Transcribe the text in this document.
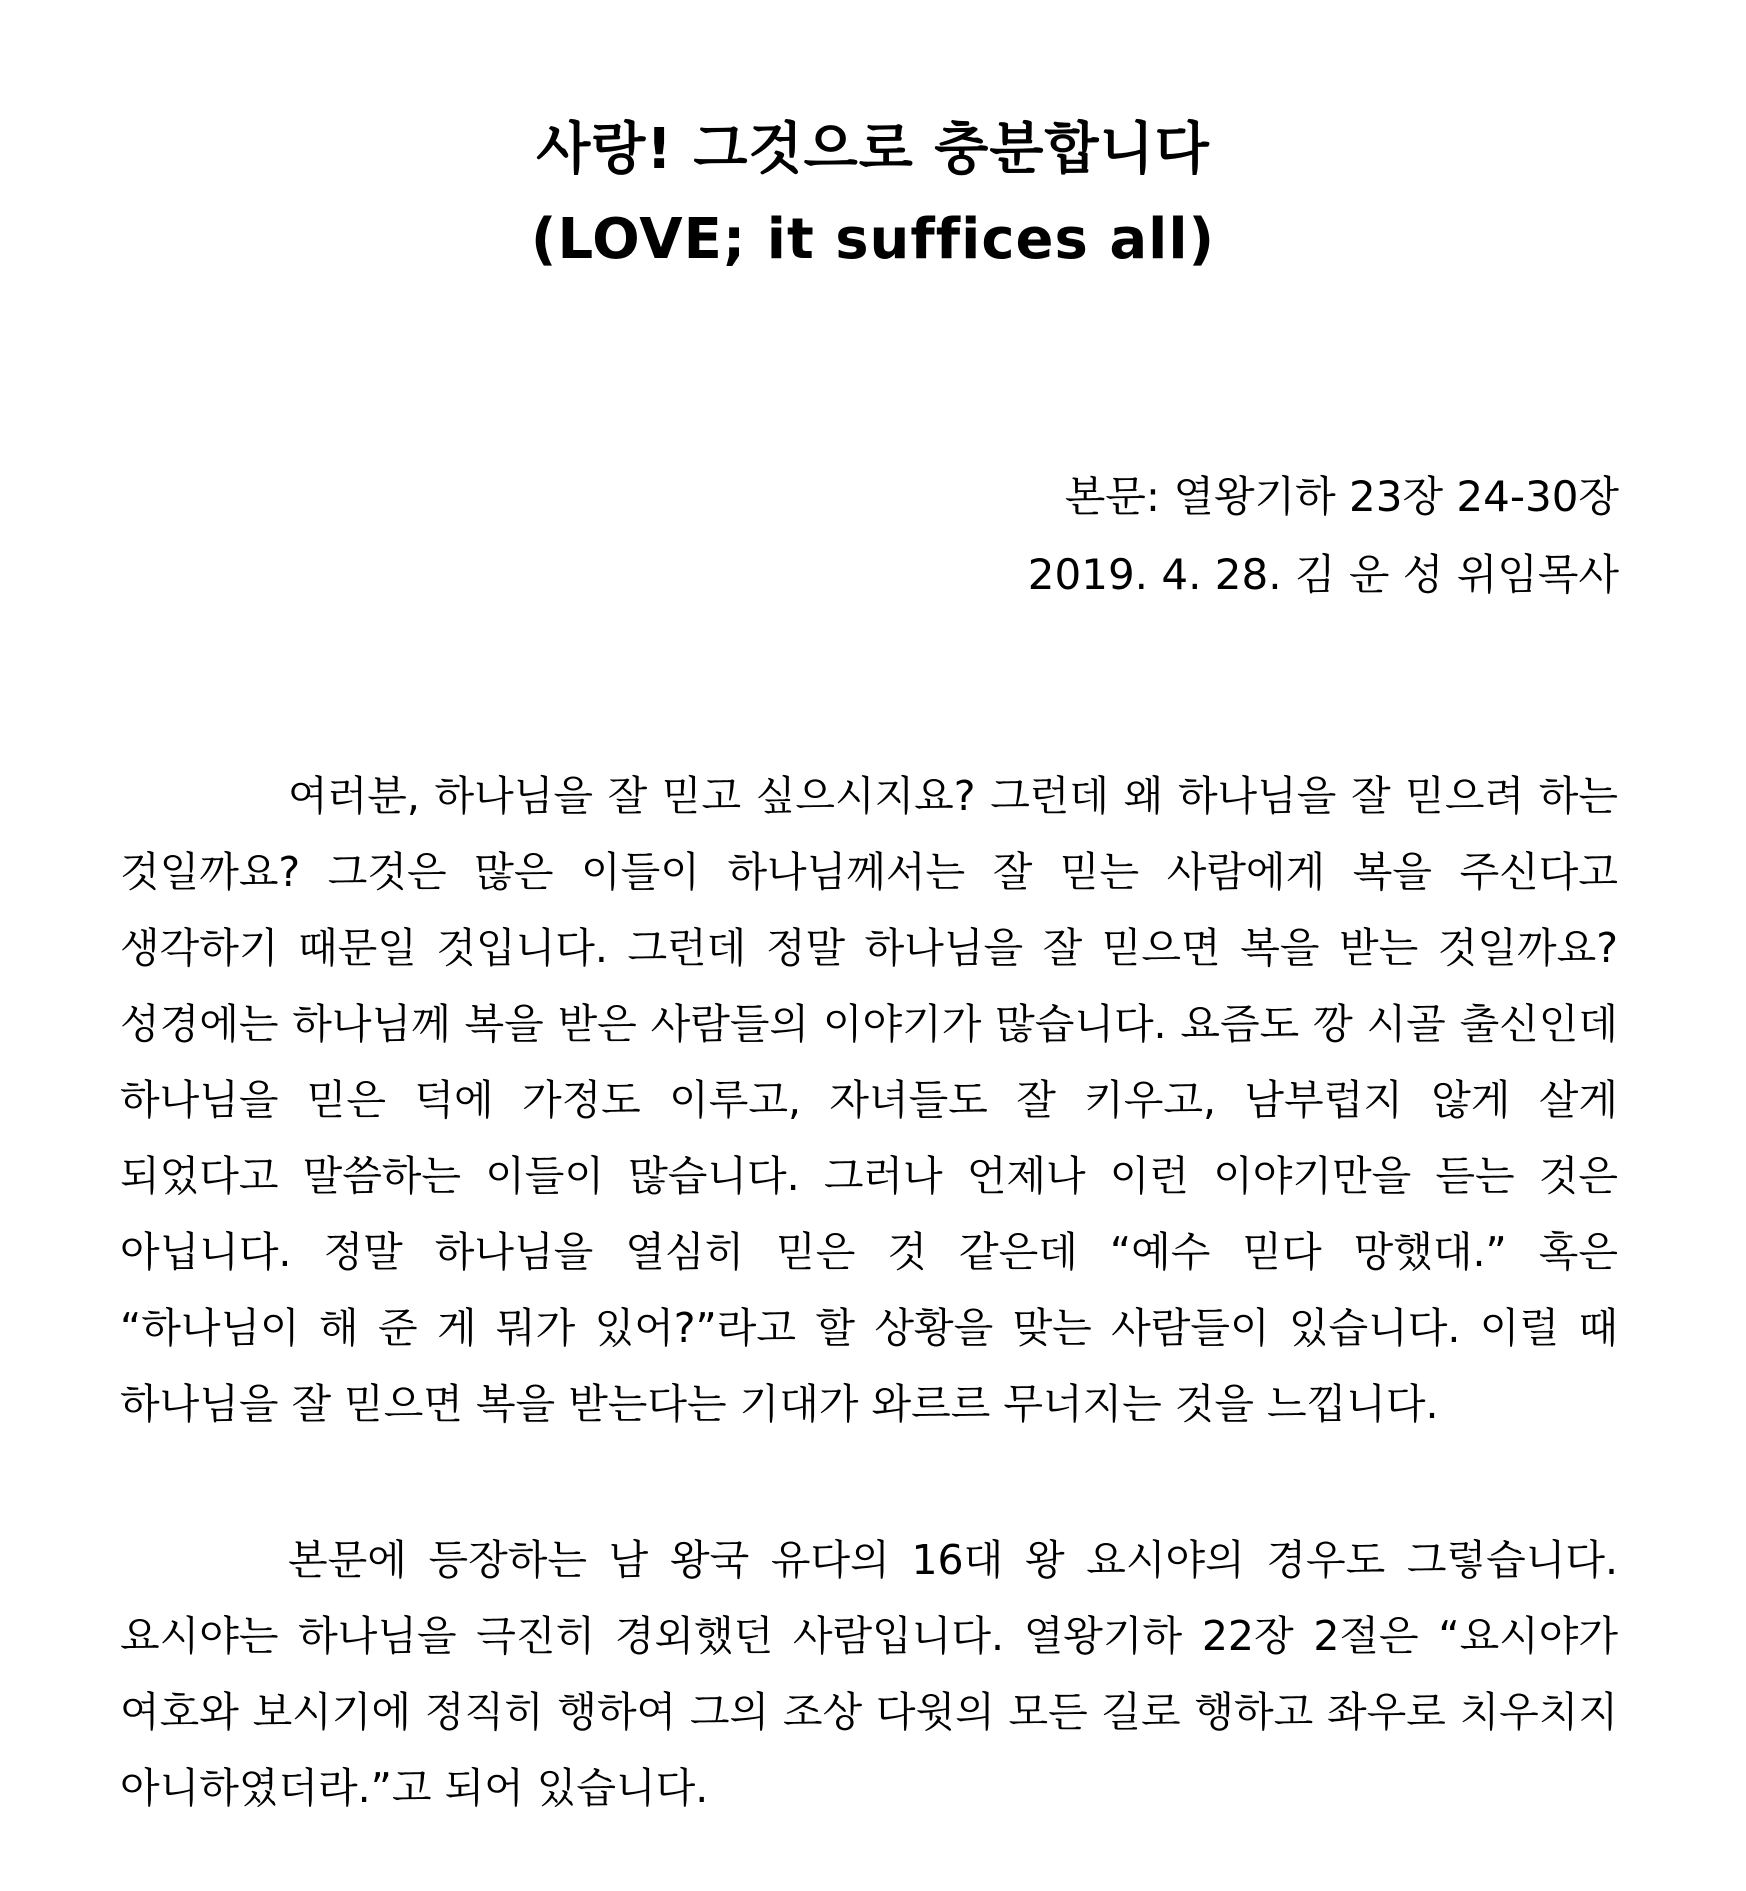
사랑! 그것으로 충분합니다
(LOVE; it suffices all)
본문: 열왕기하 23장 24-30장
2019. 4. 28. 김 운 성 위임목사

여러분, 하나님을 잘 믿고 싶으시지요? 그런데 왜 하나님을 잘 믿으려 하는 것일까요? 그것은 많은 이들이 하나님께서는 잘 믿는 사람에게 복을 주신다고 생각하기 때문일 것입니다. 그런데 정말 하나님을 잘 믿으면 복을 받는 것일까요? 성경에는 하나님께 복을 받은 사람들의 이야기가 많습니다. 요즘도 깡 시골 출신인데 하나님을 믿은 덕에 가정도 이루고, 자녀들도 잘 키우고, 남부럽지 않게 살게 되었다고 말씀하는 이들이 많습니다. 그러나 언제나 이런 이야기만을 듣는 것은 아닙니다. 정말 하나님을 열심히 믿은 것 같은데 “예수 믿다 망했대.” 혹은 “하나님이 해 준 게 뭐가 있어?”라고 할 상황을 맞는 사람들이 있습니다. 이럴 때 하나님을 잘 믿으면 복을 받는다는 기대가 와르르 무너지는 것을 느낍니다.

본문에 등장하는 남 왕국 유다의 16대 왕 요시야의 경우도 그렇습니다. 요시야는 하나님을 극진히 경외했던 사람입니다. 열왕기하 22장 2절은 “요시야가 여호와 보시기에 정직히 행하여 그의 조상 다윗의 모든 길로 행하고 좌우로 치우치지 아니하였더라.”고 되어 있습니다.
